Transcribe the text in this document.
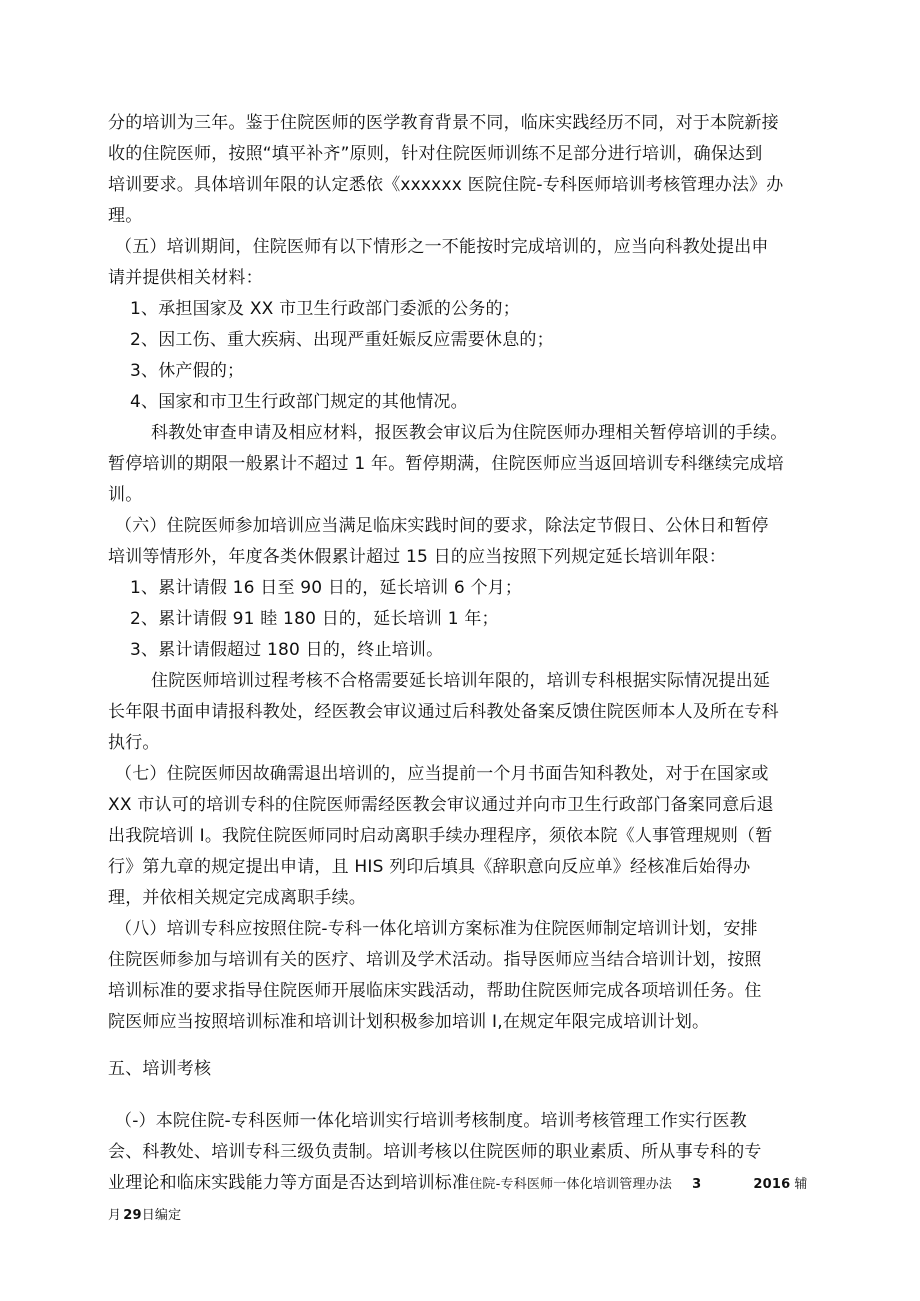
分的培训为三年。鉴于住院医师的医学教育背景不同，临床实践经历不同，对于本院新接
收的住院医师，按照“填平补齐”原则，针对住院医师训练不足部分进行培训，确保达到
培训要求。具体培训年限的认定悉依《xxxxxx 医院住院-专科医师培训考核管理办法》办
理。
（五）培训期间，住院医师有以下情形之一不能按时完成培训的，应当向科教处提出申
请并提供相关材料：
1、承担国家及 XX 市卫生行政部门委派的公务的；
2、因工伤、重大疾病、出现严重妊娠反应需要休息的；
3、休产假的；
4、国家和市卫生行政部门规定的其他情况。
科教处审查申请及相应材料，报医教会审议后为住院医师办理相关暂停培训的手续。
暂停培训的期限一般累计不超过 1 年。暂停期满，住院医师应当返回培训专科继续完成培
训。
（六）住院医师参加培训应当满足临床实践时间的要求，除法定节假日、公休日和暂停
培训等情形外，年度各类休假累计超过 15 日的应当按照下列规定延长培训年限：
1、累计请假 16 日至 90 日的，延长培训 6 个月；
2、累计请假 91 睦 180 日的，延长培训 1 年；
3、累计请假超过 180 日的，终止培训。
住院医师培训过程考核不合格需要延长培训年限的，培训专科根据实际情况提出延
长年限书面申请报科教处，经医教会审议通过后科教处备案反馈住院医师本人及所在专科
执行。
（七）住院医师因故确需退出培训的，应当提前一个月书面告知科教处，对于在国家或
XX 市认可的培训专科的住院医师需经医教会审议通过并向市卫生行政部门备案同意后退
出我院培训 I。我院住院医师同时启动离职手续办理程序，须依本院《人事管理规则（暂
行》第九章的规定提出申请，且 HIS 列印后填具《辞职意向反应单》经核准后始得办
理，并依相关规定完成离职手续。
（八）培训专科应按照住院-专科一体化培训方案标准为住院医师制定培训计划，安排
住院医师参加与培训有关的医疗、培训及学术活动。指导医师应当结合培训计划，按照
培训标准的要求指导住院医师开展临床实践活动，帮助住院医师完成各项培训任务。住
院医师应当按照培训标准和培训计划积极参加培训 I,在规定年限完成培训计划。
五、培训考核
（-）本院住院-专科医师一体化培训实行培训考核制度。培训考核管理工作实行医教
会、科教处、培训专科三级负责制。培训考核以住院医师的职业素质、所从事专科的专
业理论和临床实践能力等方面是否达到培训标准住院-专科医师一体化培训管理办法 3	2016 辅
月 29日编定
